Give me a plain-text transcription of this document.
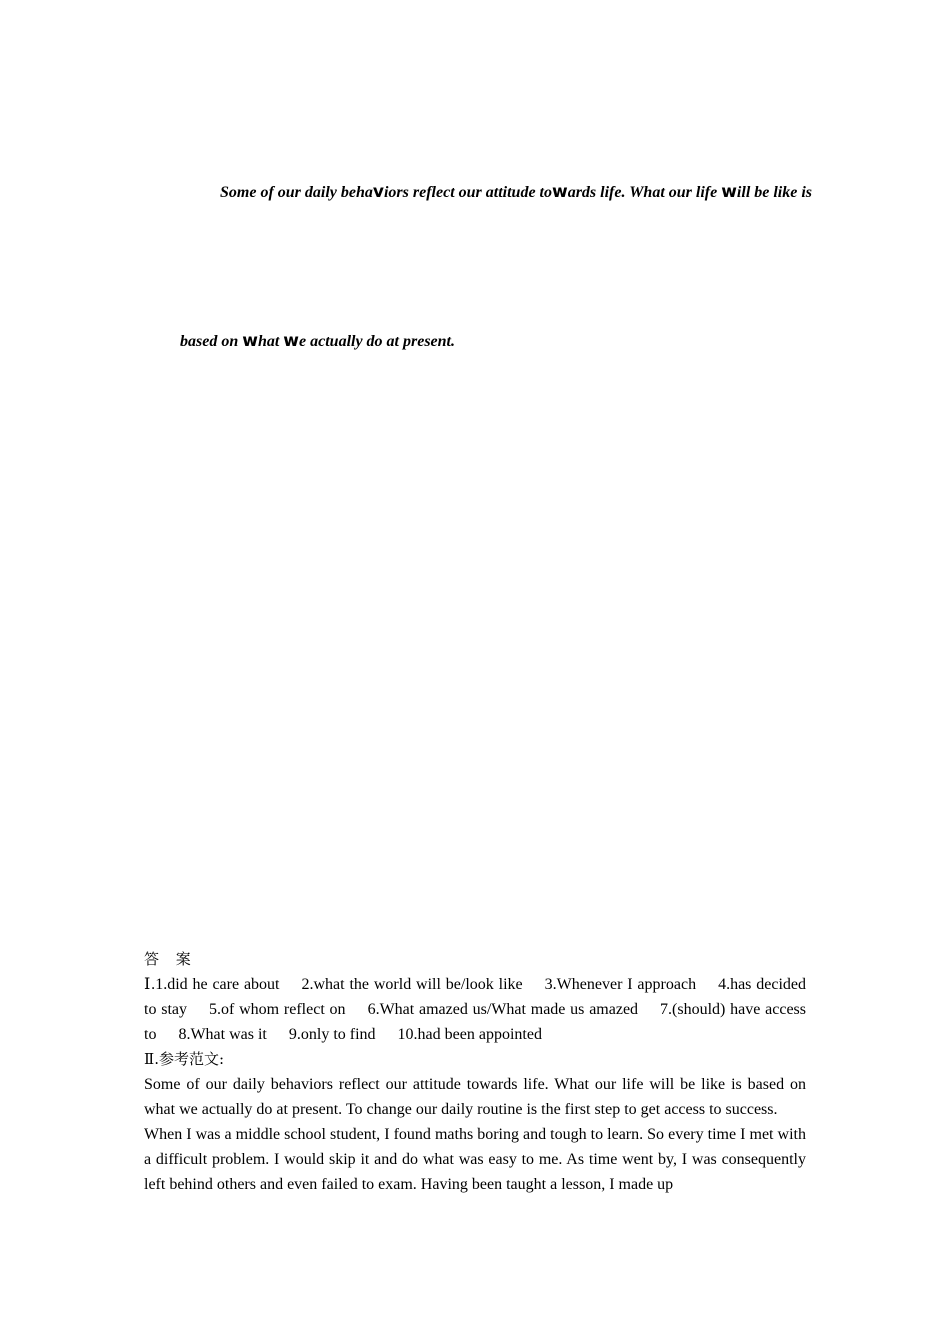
Some of our daily behaviors reflect our attitude towards life. What our life will be like is
based on what we actually do at present.

答 案

Ⅰ.1.did he care about 2.what the world will be/look like 3.Whenever I approach 4.has decided to stay 5.of whom reflect on 6.What amazed us/What made us amazed 7.(should) have access to 8.What was it 9.only to find 10.had been appointed

Ⅱ.参考范文:

Some of our daily behaviors reflect our attitude towards life. What our life will be like is based on what we actually do at present. To change our daily routine is the first step to get access to success.

When I was a middle school student, I found maths boring and tough to learn. So every time I met with a difficult problem. I would skip it and do what was easy to me. As time went by, I was consequently left behind others and even failed to exam. Having been taught a lesson, I made up
